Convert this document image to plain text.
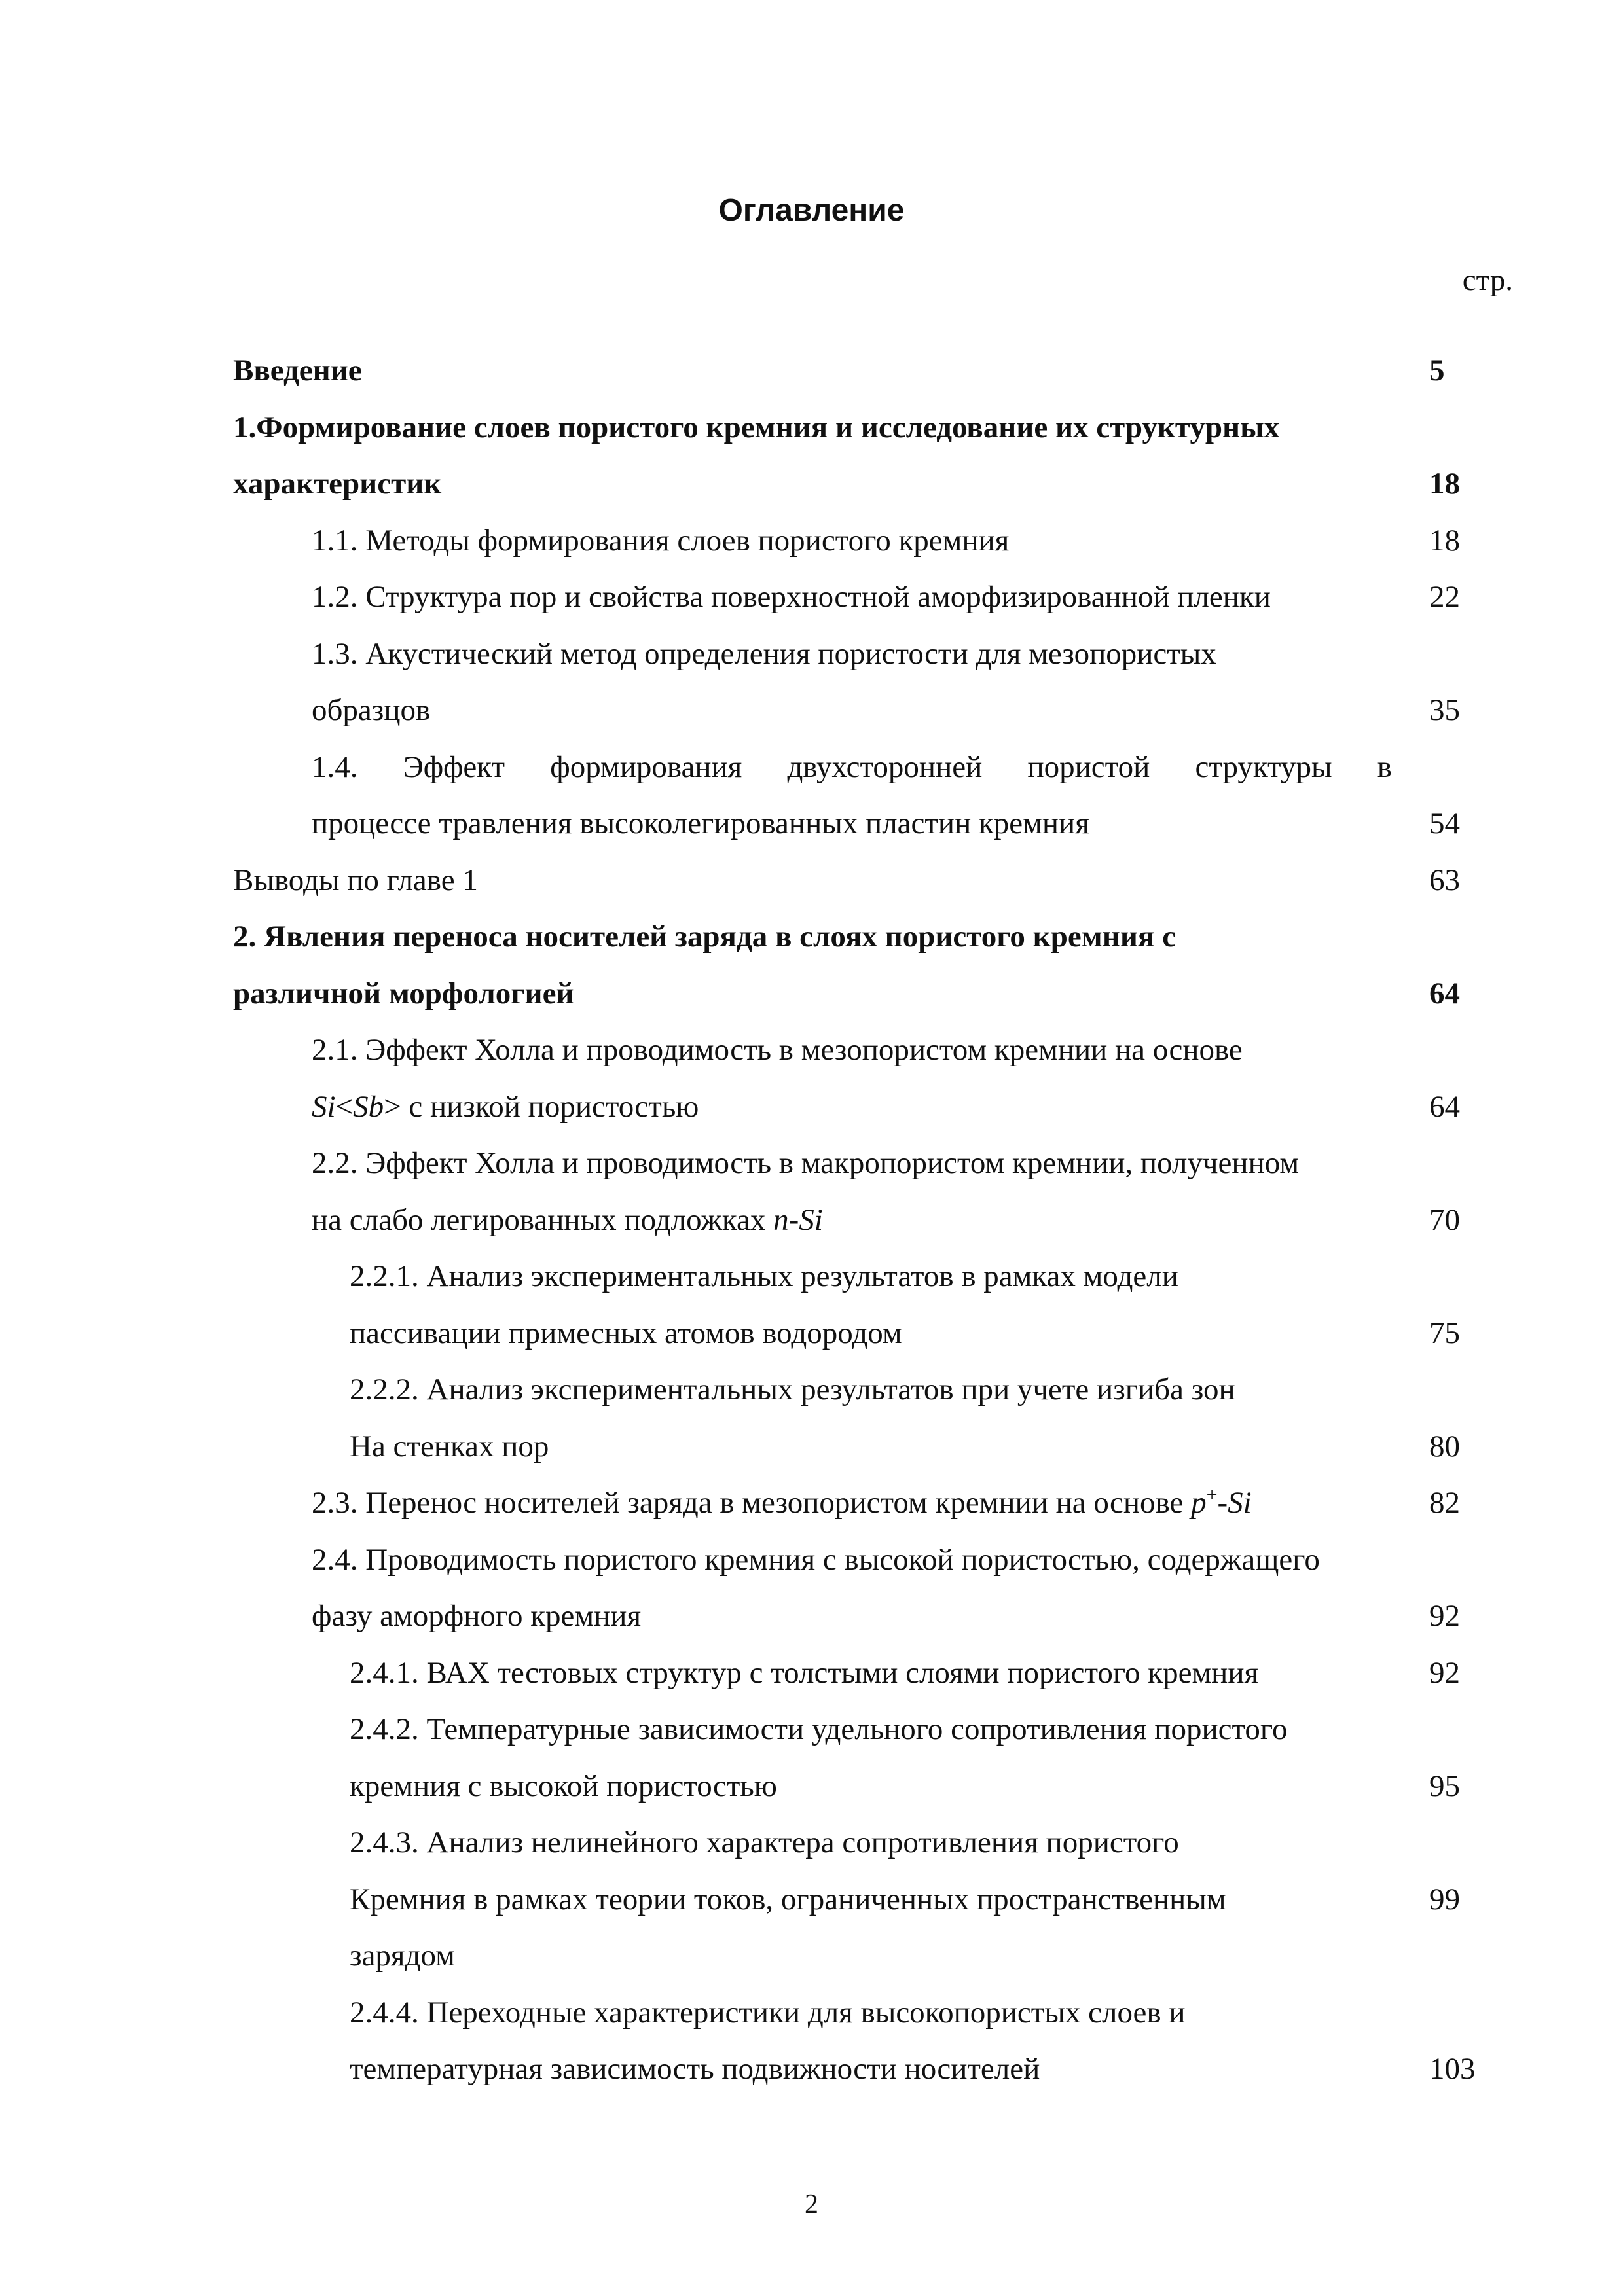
Оглавление
стр.
Введение	5
1.Формирование слоев пористого кремния и исследование их структурных
характеристик	18
1.1. Методы формирования слоев пористого кремния	18
1.2. Структура пор и свойства поверхностной аморфизированной пленки	22
1.3. Акустический метод определения пористости для мезопористых
образцов	35
1.4. Эффект формирования двухсторонней пористой структуры в
процессе травления высоколегированных пластин кремния	54
Выводы по главе 1	63
2. Явления переноса носителей заряда в слоях пористого кремния с
различной морфологией	64
2.1. Эффект Холла и проводимость в мезопористом кремнии на основе
Si<Sb> с низкой пористостью	64
2.2. Эффект Холла и проводимость в макропористом кремнии, полученном
на слабо легированных подложках n-Si	70
2.2.1. Анализ экспериментальных результатов в рамках модели
пассивации примесных атомов водородом	75
2.2.2. Анализ экспериментальных результатов при учете изгиба зон
На стенках пор	80
2.3. Перенос носителей заряда в мезопористом кремнии на основе p+-Si	82
2.4. Проводимость пористого кремния с высокой пористостью, содержащего
фазу аморфного кремния	92
2.4.1. ВАХ тестовых структур с толстыми слоями пористого кремния	92
2.4.2. Температурные зависимости удельного сопротивления пористого
кремния с высокой пористостью	95
2.4.3. Анализ нелинейного характера сопротивления пористого
Кремния в рамках теории токов, ограниченных пространственным	99
зарядом
2.4.4. Переходные характеристики для высокопористых слоев и
температурная зависимость подвижности носителей	103
2
